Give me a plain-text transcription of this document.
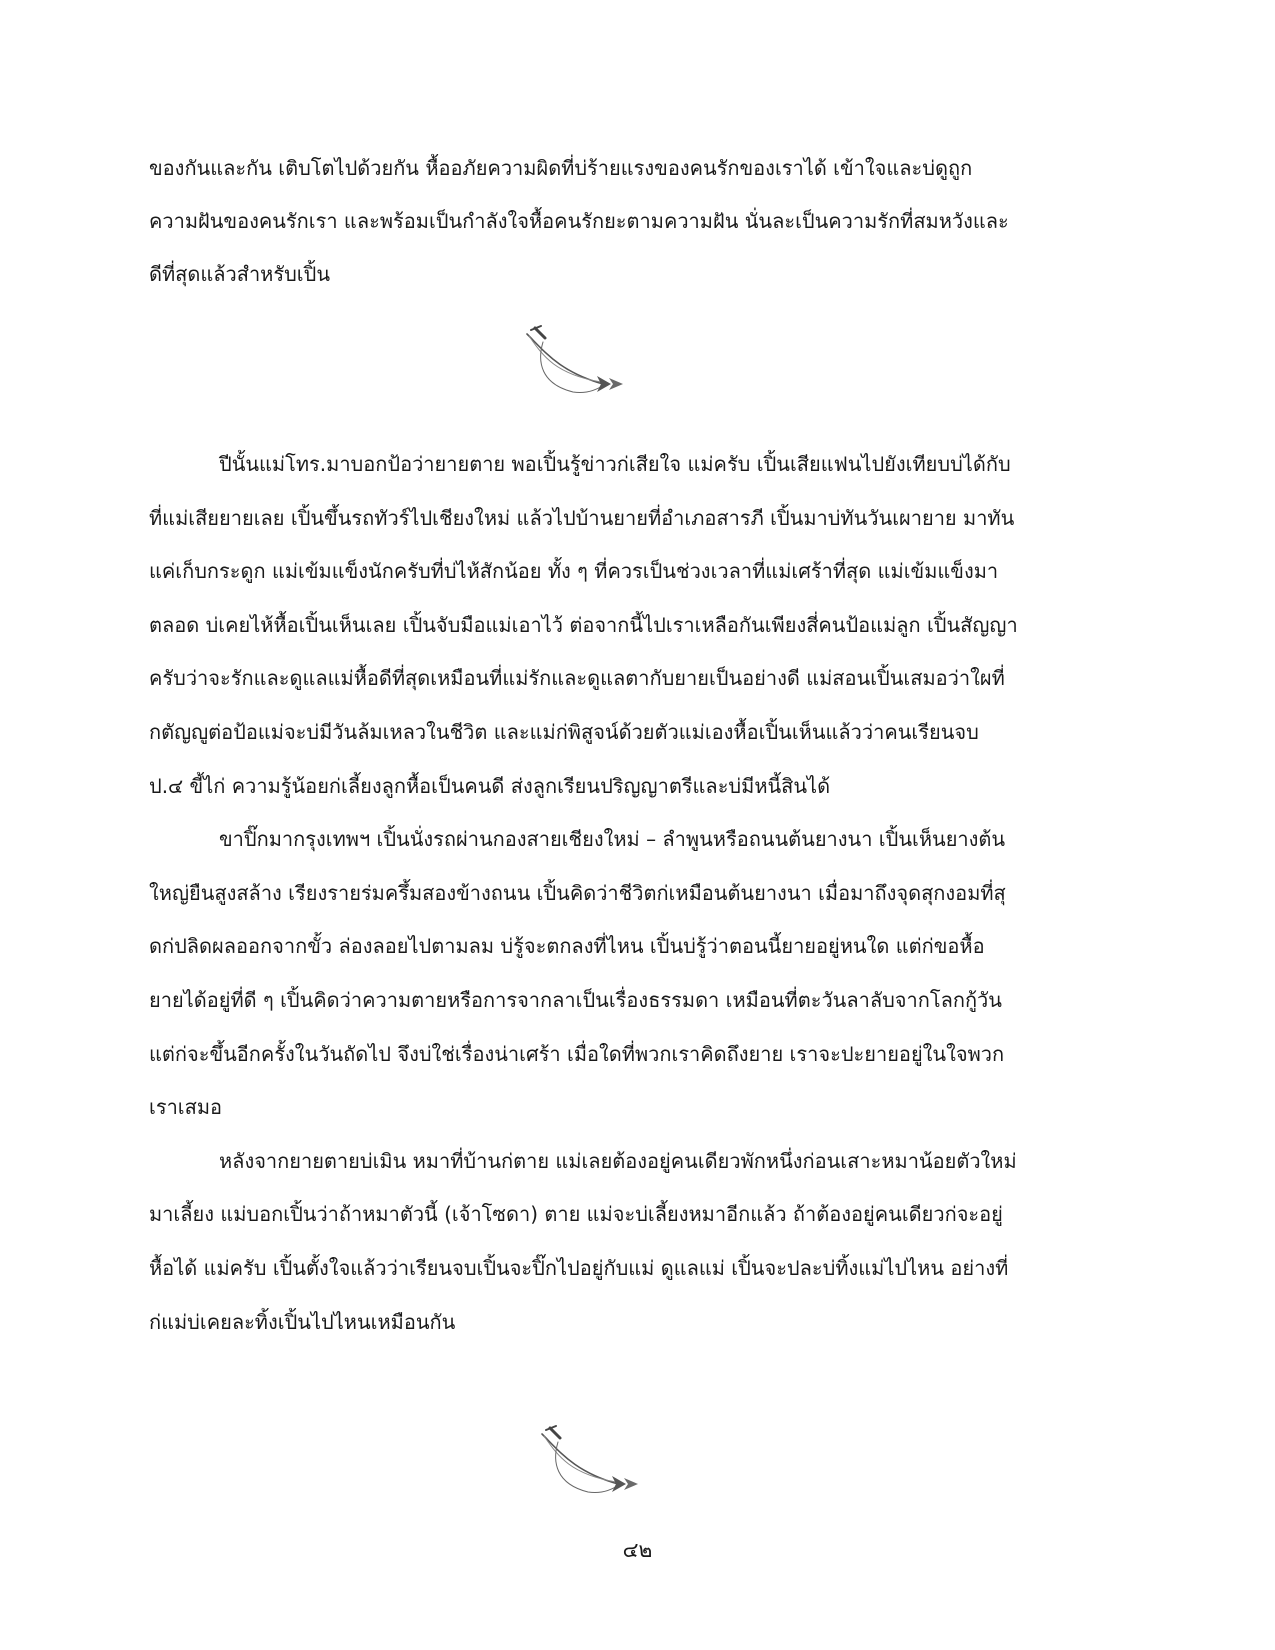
ของกันและกัน เติบโตไปด้วยกัน หื้ออภัยความผิดที่บ่ร้ายแรงของคนรักของเราได้ เข้าใจและบ่ดูถูกความฝันของคนรักเรา และพร้อมเป็นกำลังใจหื้อคนรักยะตามความฝัน นั่นละเป็นความรักที่สมหวังและดีที่สุดแล้วสำหรับเปิ้น

ปีนั้นแม่โทร.มาบอกป้อว่ายายตาย พอเปิ้นรู้ข่าวก่เสียใจ แม่ครับ เปิ้นเสียแฟนไปยังเทียบบ่ได้กับที่แม่เสียยายเลย เปิ้นขึ้นรถทัวร์ไปเชียงใหม่ แล้วไปบ้านยายที่อำเภอสารภี เปิ้นมาบ่ทันวันเผายาย มาทันแค่เก็บกระดูก แม่เข้มแข็งนักครับที่บ่ไห้สักน้อย ทั้ง ๆ ที่ควรเป็นช่วงเวลาที่แม่เศร้าที่สุด แม่เข้มแข็งมาตลอด บ่เคยไห้หื้อเปิ้นเห็นเลย เปิ้นจับมือแม่เอาไว้ ต่อจากนี้ไปเราเหลือกันเพียงสี่คนป้อแม่ลูก เปิ้นสัญญาครับว่าจะรักและดูแลแม่หื้อดีที่สุดเหมือนที่แม่รักและดูแลตากับยายเป็นอย่างดี แม่สอนเปิ้นเสมอว่าใผที่กตัญญูต่อป้อแม่จะบ่มีวันล้มเหลวในชีวิต และแม่ก่พิสูจน์ด้วยตัวแม่เองหื้อเปิ้นเห็นแล้วว่าคนเรียนจบ ป.๔ ขี้ไก่ ความรู้น้อยก่เลี้ยงลูกหื้อเป็นคนดี ส่งลูกเรียนปริญญาตรีและบ่มีหนี้สินได้

ขาปิ๊กมากรุงเทพฯ เปิ้นนั่งรถผ่านกองสายเชียงใหม่ – ลำพูนหรือถนนต้นยางนา เปิ้นเห็นยางต้นใหญ่ยืนสูงสล้าง เรียงรายร่มครึ้มสองข้างถนน เปิ้นคิดว่าชีวิตก่เหมือนต้นยางนา เมื่อมาถึงจุดสุกงอมที่สุดก่ปลิดผลออกจากขั้ว ล่องลอยไปตามลม บ่รู้จะตกลงที่ไหน เปิ้นบ่รู้ว่าตอนนี้ยายอยู่หนใด แต่ก่ขอหื้อยายได้อยู่ที่ดี ๆ เปิ้นคิดว่าความตายหรือการจากลาเป็นเรื่องธรรมดา เหมือนที่ตะวันลาลับจากโลกกู้วัน แต่ก่จะขึ้นอีกครั้งในวันถัดไป จึงบ่ใช่เรื่องน่าเศร้า เมื่อใดที่พวกเราคิดถึงยาย เราจะปะยายอยู่ในใจพวกเราเสมอ

หลังจากยายตายบ่เมิน หมาที่บ้านก่ตาย แม่เลยต้องอยู่คนเดียวพักหนึ่งก่อนเสาะหมาน้อยตัวใหม่มาเลี้ยง แม่บอกเปิ้นว่าถ้าหมาตัวนี้ (เจ้าโซดา) ตาย แม่จะบ่เลี้ยงหมาอีกแล้ว ถ้าต้องอยู่คนเดียวก่จะอยู่หื้อได้ แม่ครับ เปิ้นตั้งใจแล้วว่าเรียนจบเปิ้นจะปิ๊กไปอยู่กับแม่ ดูแลแม่ เปิ้นจะปละบ่ทิ้งแม่ไปไหน อย่างที่ก่แม่บ่เคยละทิ้งเปิ้นไปไหนเหมือนกัน

๔๒
